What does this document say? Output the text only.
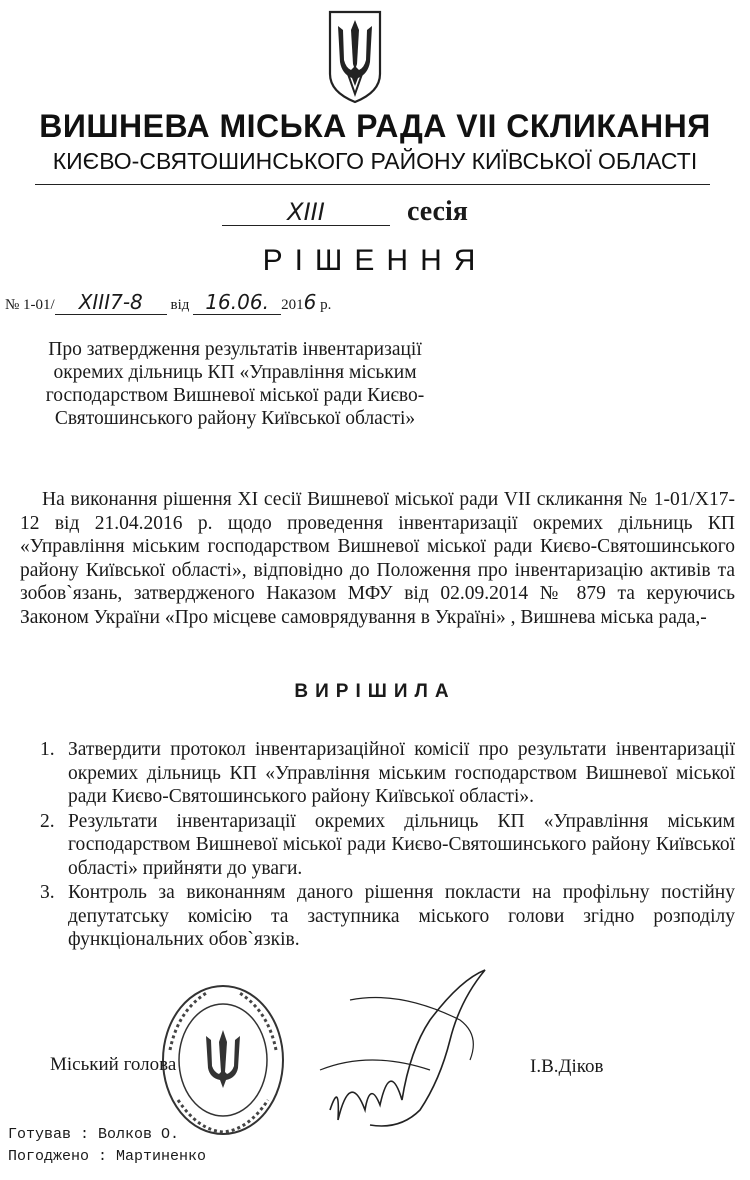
ВИШНЕВА МІСЬКА РАДА VII СКЛИКАННЯ
КИЄВО-СВЯТОШИНСЬКОГО РАЙОНУ КИЇВСЬКОЇ ОБЛАСТІ
XIII	сесія
РІШЕННЯ
№ 1-01/ XIII7-8 від 16.06. 2016 р.
Про затвердження результатів інвентаризації окремих дільниць КП «Управління міським господарством Вишневої міської ради Києво-Святошинського району Київської області»
На виконання рішення XI сесії Вишневої міської ради VII скликання № 1-01/X17-12 від 21.04.2016 р. щодо проведення інвентаризації окремих дільниць КП «Управління міським господарством Вишневої міської ради Києво-Святошинського району Київської області», відповідно до Положення про інвентаризацію активів та зобов`язань, затвердженого Наказом МФУ від 02.09.2014 № 879 та керуючись Законом України «Про місцеве самоврядування в Україні» , Вишнева міська рада,-
ВИРІШИЛА
1. Затвердити протокол інвентаризаційної комісії про результати інвентаризації окремих дільниць КП «Управління міським господарством Вишневої міської ради Києво-Святошинського району Київської області».
2. Результати інвентаризації окремих дільниць КП «Управління міським господарством Вишневої міської ради Києво-Святошинського району Київської області» прийняти до уваги.
3. Контроль за виконанням даного рішення покласти на профільну постійну депутатську комісію та заступника міського голови згідно розподілу функціональних обов`язків.
Міський голова	І.В.Діков
Готував : Волков О.
Погоджено : Мартиненко
